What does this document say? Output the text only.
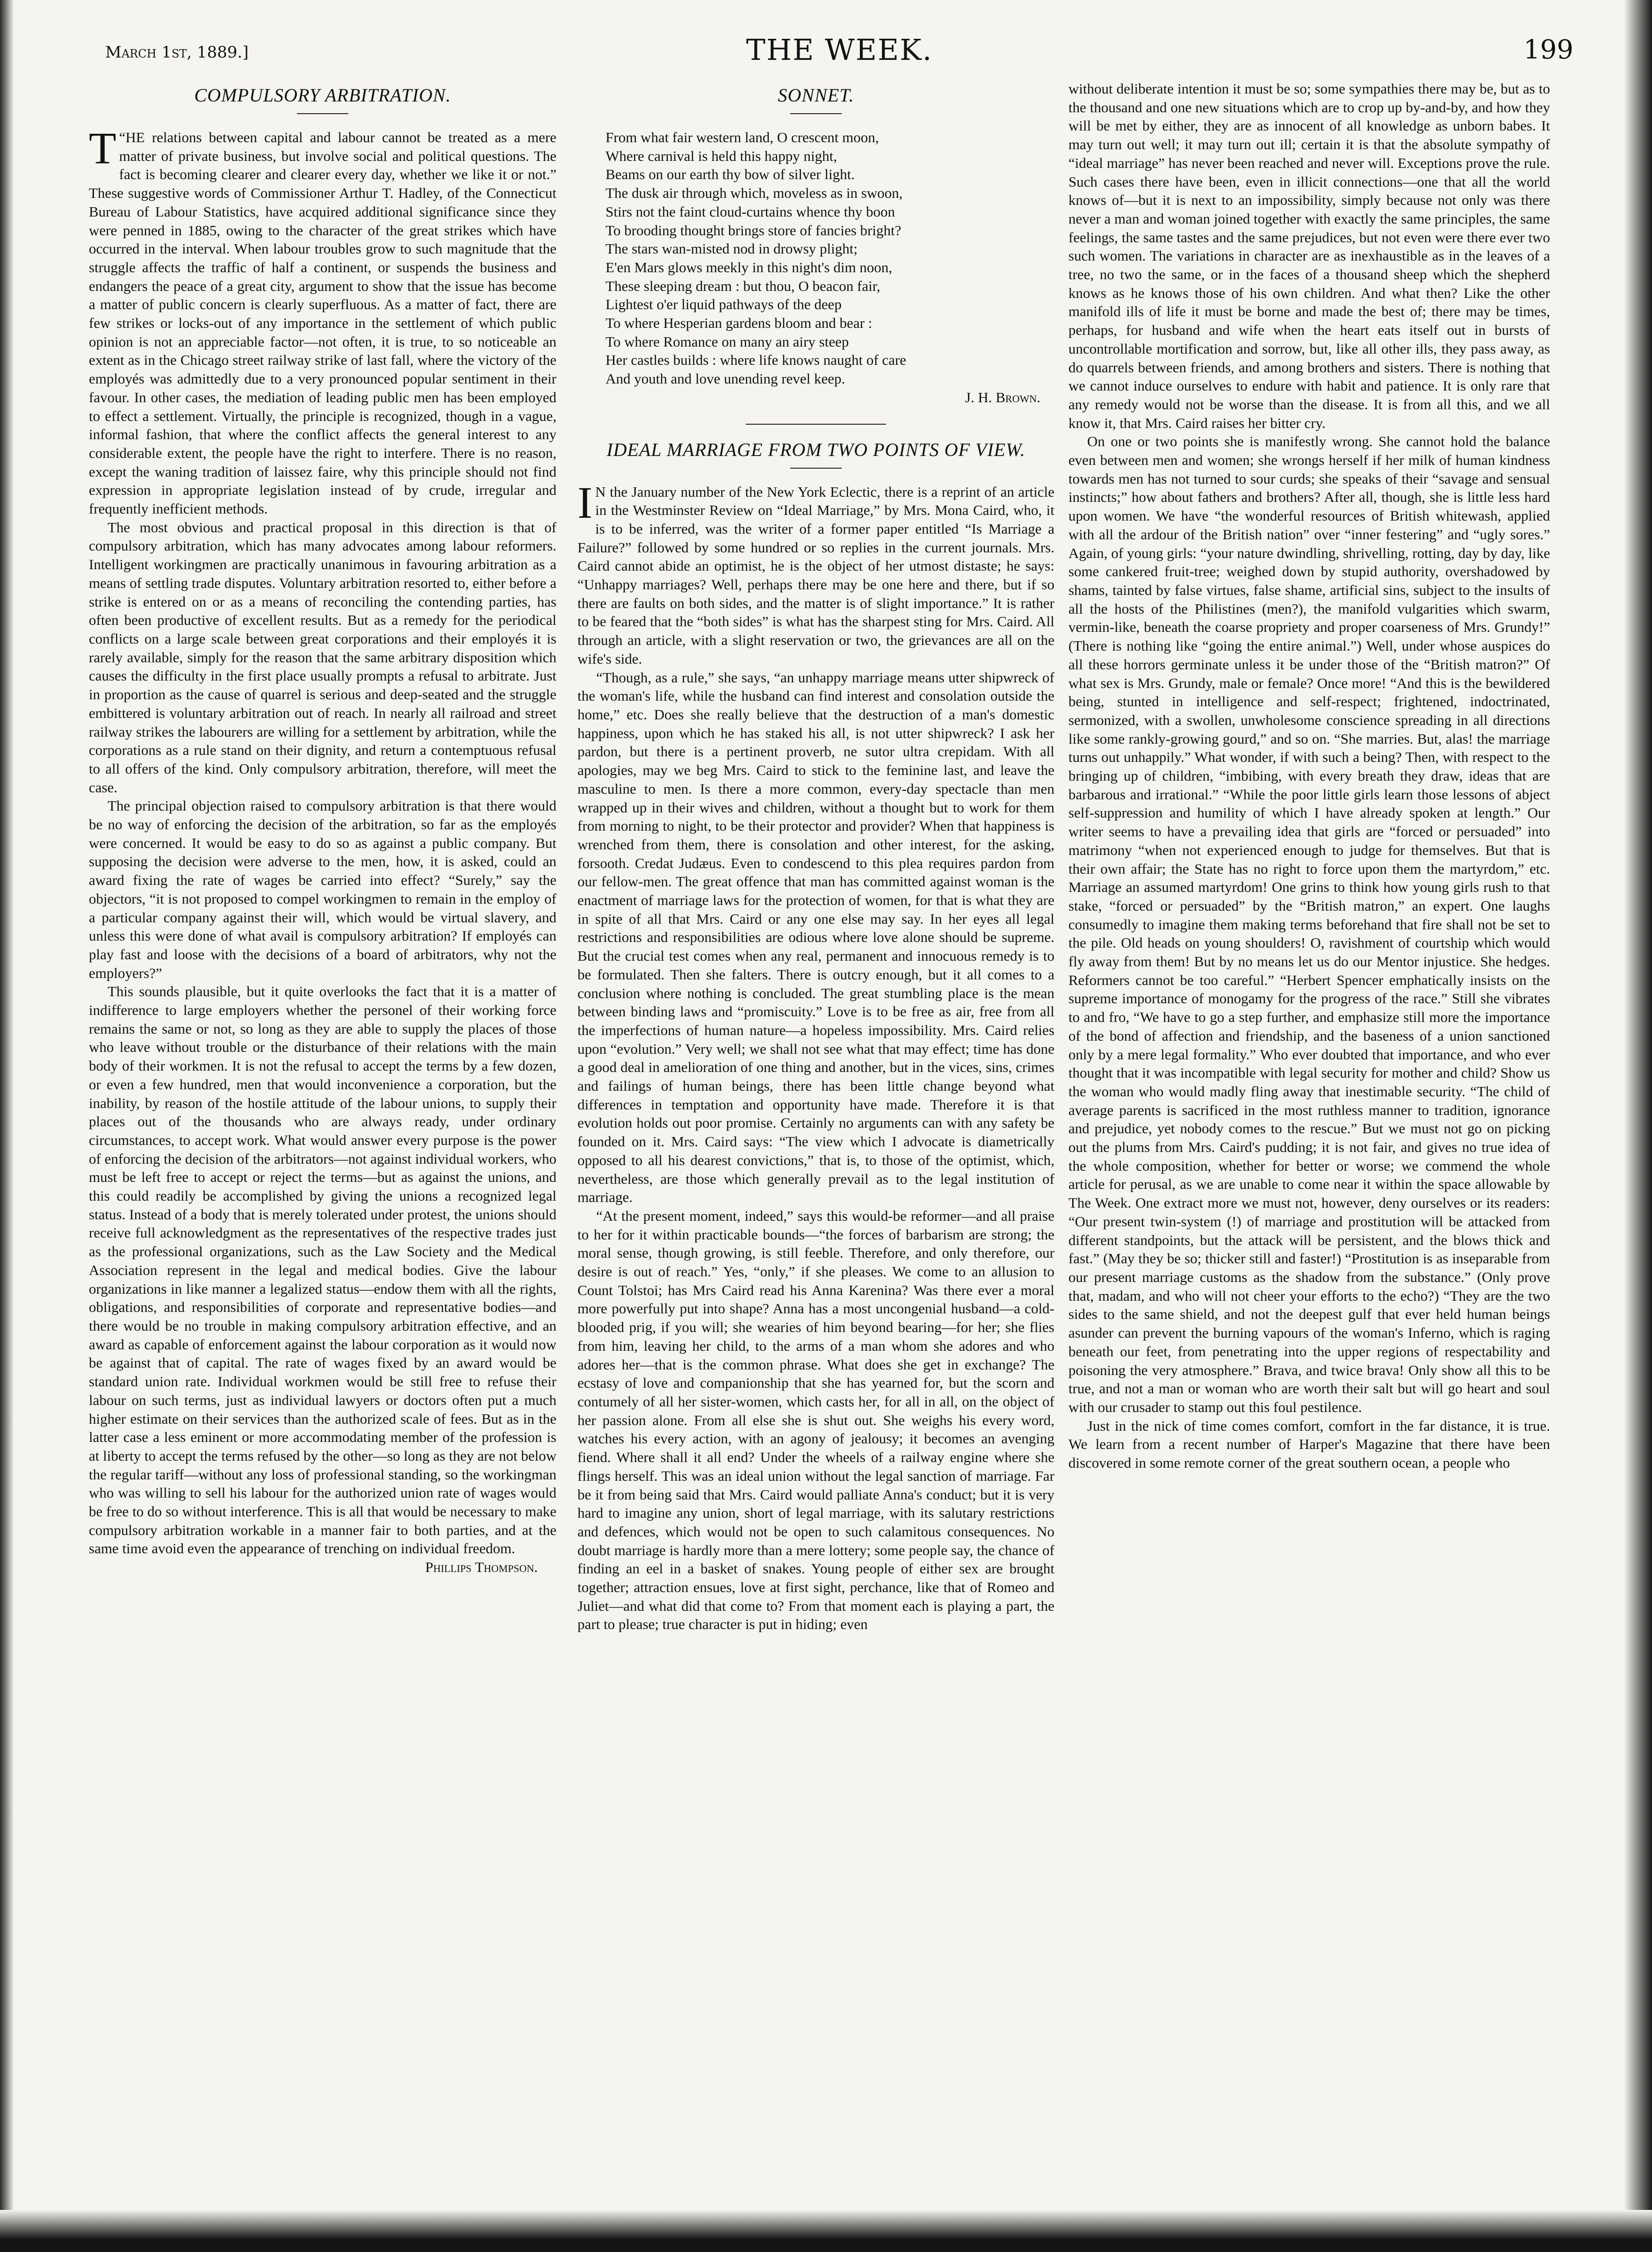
March 1st, 1889.]	THE WEEK.	199
COMPULSORY ARBITRATION.

“
T HE relations between capital and labour cannot be treated as a mere matter of private business, but involve social and political questions. The fact is becoming clearer and clearer every day, whether we like it or not.” These suggestive words of Commissioner Arthur T. Hadley, of the Connecticut Bureau of Labour Statistics, have acquired additional significance since they were penned in 1885, owing to the character of the great strikes which have occurred in the interval. When labour troubles grow to such magnitude that the struggle affects the traffic of half a continent, or suspends the business and endangers the peace of a great city, argument to show that the issue has become a matter of public concern is clearly superfluous. As a matter of fact, there are few strikes or locks-out of any importance in the settlement of which public opinion is not an appreciable factor—not often, it is true, to so noticeable an extent as in the Chicago street railway strike of last fall, where the victory of the employés was admittedly due to a very pronounced popular sentiment in their favour. In other cases, the mediation of leading public men has been employed to effect a settlement. Virtually, the principle is recognized, though in a vague, informal fashion, that where the conflict affects the general interest to any considerable extent, the people have the right to interfere. There is no reason, except the waning tradition of laissez faire, why this principle should not find expression in appropriate legislation instead of by crude, irregular and frequently inefficient methods.

The most obvious and practical proposal in this direction is that of compulsory arbitration, which has many advocates among labour reformers. Intelligent workingmen are practically unanimous in favouring arbitration as a means of settling trade disputes. Voluntary arbitration resorted to, either before a strike is entered on or as a means of reconciling the contending parties, has often been productive of excellent results. But as a remedy for the periodical conflicts on a large scale between great corporations and their employés it is rarely available, simply for the reason that the same arbitrary disposition which causes the difficulty in the first place usually prompts a refusal to arbitrate. Just in proportion as the cause of quarrel is serious and deep-seated and the struggle embittered is voluntary arbitration out of reach. In nearly all railroad and street railway strikes the labourers are willing for a settlement by arbitration, while the corporations as a rule stand on their dignity, and return a contemptuous refusal to all offers of the kind. Only compulsory arbitration, therefore, will meet the case.

The principal objection raised to compulsory arbitration is that there would be no way of enforcing the decision of the arbitration, so far as the employés were concerned. It would be easy to do so as against a public company. But supposing the decision were adverse to the men, how, it is asked, could an award fixing the rate of wages be carried into effect? “Surely,” say the objectors, “it is not proposed to compel workingmen to remain in the employ of a particular company against their will, which would be virtual slavery, and unless this were done of what avail is compulsory arbitration? If employés can play fast and loose with the decisions of a board of arbitrators, why not the employers?”

This sounds plausible, but it quite overlooks the fact that it is a matter of indifference to large employers whether the personel of their working force remains the same or not, so long as they are able to supply the places of those who leave without trouble or the disturbance of their relations with the main body of their workmen. It is not the refusal to accept the terms by a few dozen, or even a few hundred, men that would inconvenience a corporation, but the inability, by reason of the hostile attitude of the labour unions, to supply their places out of the thousands who are always ready, under ordinary circumstances, to accept work. What would answer every purpose is the power of enforcing the decision of the arbitrators—not against individual workers, who must be left free to accept or reject the terms—but as against the unions, and this could readily be accomplished by giving the unions a recognized legal status. Instead of a body that is merely tolerated under protest, the unions should receive full acknowledgment as the representatives of the respective trades just as the professional organizations, such as the Law Society and the Medical Association represent in the legal and medical bodies. Give the labour organizations in like manner a legalized status—endow them with all the rights, obligations, and responsibilities of corporate and representative bodies—and there would be no trouble in making compulsory arbitration effective, and an award as capable of enforcement against the labour corporation as it would now be against that of capital. The rate of wages fixed by an award would be standard union rate. Individual workmen would be still free to refuse their labour on such terms, just as individual lawyers or doctors often put a much higher estimate on their services than the authorized scale of fees. But as in the latter case a less eminent or more accommodating member of the profession is at liberty to accept the terms refused by the other—so long as they are not below the regular tariff—without any loss of professional standing, so the workingman who was willing to sell his labour for the authorized union rate of wages would be free to do so without interference. This is all that would be necessary to make compulsory arbitration workable in a manner fair to both parties, and at the same time avoid even the appearance of trenching on individual freedom.

Phillips Thompson.
SONNET.
From what fair western land, O crescent moon,
Where carnival is held this happy night,
Beams on our earth thy bow of silver light.
The dusk air through which, moveless as in swoon,
Stirs not the faint cloud-curtains whence thy boon
To brooding thought brings store of fancies bright?
The stars wan-misted nod in drowsy plight;
E'en Mars glows meekly in this night's dim noon,
These sleeping dream : but thou, O beacon fair,
Lightest o'er liquid pathways of the deep
To where Hesperian gardens bloom and bear :
To where Romance on many an airy steep
Her castles builds : where life knows naught of care
And youth and love unending revel keep.
J. H. Brown.
IDEAL MARRIAGE FROM TWO POINTS OF VIEW.

I N the January number of the New York Eclectic, there is a reprint of an article in the Westminster Review on “Ideal Marriage,” by Mrs. Mona Caird, who, it is to be inferred, was the writer of a former paper entitled “Is Marriage a Failure?” followed by some hundred or so replies in the current journals. Mrs. Caird cannot abide an optimist, he is the object of her utmost distaste; he says: “Unhappy marriages? Well, perhaps there may be one here and there, but if so there are faults on both sides, and the matter is of slight importance.” It is rather to be feared that the “both sides” is what has the sharpest sting for Mrs. Caird. All through an article, with a slight reservation or two, the grievances are all on the wife's side.

“Though, as a rule,” she says, “an unhappy marriage means utter shipwreck of the woman's life, while the husband can find interest and consolation outside the home,” etc. Does she really believe that the destruction of a man's domestic happiness, upon which he has staked his all, is not utter shipwreck? I ask her pardon, but there is a pertinent proverb, ne sutor ultra crepidam. With all apologies, may we beg Mrs. Caird to stick to the feminine last, and leave the masculine to men. Is there a more common, every-day spectacle than men wrapped up in their wives and children, without a thought but to work for them from morning to night, to be their protector and provider? When that happiness is wrenched from them, there is consolation and other interest, for the asking, forsooth. Credat Judæus. Even to condescend to this plea requires pardon from our fellow-men. The great offence that man has committed against woman is the enactment of marriage laws for the protection of women, for that is what they are in spite of all that Mrs. Caird or any one else may say. In her eyes all legal restrictions and responsibilities are odious where love alone should be supreme. But the crucial test comes when any real, permanent and innocuous remedy is to be formulated. Then she falters. There is outcry enough, but it all comes to a conclusion where nothing is concluded. The great stumbling place is the mean between binding laws and “promiscuity.” Love is to be free as air, free from all the imperfections of human nature—a hopeless impossibility. Mrs. Caird relies upon “evolution.” Very well; we shall not see what that may effect; time has done a good deal in amelioration of one thing and another, but in the vices, sins, crimes and failings of human beings, there has been little change beyond what differences in temptation and opportunity have made. Therefore it is that evolution holds out poor promise. Certainly no arguments can with any safety be founded on it. Mrs. Caird says: “The view which I advocate is diametrically opposed to all his dearest convictions,” that is, to those of the optimist, which, nevertheless, are those which generally prevail as to the legal institution of marriage.

“At the present moment, indeed,” says this would-be reformer—and all praise to her for it within practicable bounds—“the forces of barbarism are strong; the moral sense, though growing, is still feeble. Therefore, and only therefore, our desire is out of reach.” Yes, “only,” if she pleases. We come to an allusion to Count Tolstoi; has Mrs Caird read his Anna Karenina? Was there ever a moral more powerfully put into shape? Anna has a most uncongenial husband—a cold-blooded prig, if you will; she wearies of him beyond bearing—for her; she flies from him, leaving her child, to the arms of a man whom she adores and who adores her—that is the common phrase. What does she get in exchange? The ecstasy of love and companionship that she has yearned for, but the scorn and contumely of all her sister-women, which casts her, for all in all, on the object of her passion alone. From all else she is shut out. She weighs his every word, watches his every action, with an agony of jealousy; it becomes an avenging fiend. Where shall it all end? Under the wheels of a railway engine where she flings herself. This was an ideal union without the legal sanction of marriage. Far be it from being said that Mrs. Caird would palliate Anna's conduct; but it is very hard to imagine any union, short of legal marriage, with its salutary restrictions and defences, which would not be open to such calamitous consequences. No doubt marriage is hardly more than a mere lottery; some people say, the chance of finding an eel in a basket of snakes. Young people of either sex are brought together; attraction ensues, love at first sight, perchance, like that of Romeo and Juliet—and what did that come to? From that moment each is playing a part, the part to please; true character is put in hiding; even

without deliberate intention it must be so; some sympathies there may be, but as to the thousand and one new situations which are to crop up by-and-by, and how they will be met by either, they are as innocent of all knowledge as unborn babes. It may turn out well; it may turn out ill; certain it is that the absolute sympathy of “ideal marriage” has never been reached and never will. Exceptions prove the rule. Such cases there have been, even in illicit connections—one that all the world knows of—but it is next to an impossibility, simply because not only was there never a man and woman joined together with exactly the same principles, the same feelings, the same tastes and the same prejudices, but not even were there ever two such women. The variations in character are as inexhaustible as in the leaves of a tree, no two the same, or in the faces of a thousand sheep which the shepherd knows as he knows those of his own children. And what then? Like the other manifold ills of life it must be borne and made the best of; there may be times, perhaps, for husband and wife when the heart eats itself out in bursts of uncontrollable mortification and sorrow, but, like all other ills, they pass away, as do quarrels between friends, and among brothers and sisters. There is nothing that we cannot induce ourselves to endure with habit and patience. It is only rare that any remedy would not be worse than the disease. It is from all this, and we all know it, that Mrs. Caird raises her bitter cry.

On one or two points she is manifestly wrong. She cannot hold the balance even between men and women; she wrongs herself if her milk of human kindness towards men has not turned to sour curds; she speaks of their “savage and sensual instincts;” how about fathers and brothers? After all, though, she is little less hard upon women. We have “the wonderful resources of British whitewash, applied with all the ardour of the British nation” over “inner festering” and “ugly sores.” Again, of young girls: “your nature dwindling, shrivelling, rotting, day by day, like some cankered fruit-tree; weighed down by stupid authority, overshadowed by shams, tainted by false virtues, false shame, artificial sins, subject to the insults of all the hosts of the Philistines (men?), the manifold vulgarities which swarm, vermin-like, beneath the coarse propriety and proper coarseness of Mrs. Grundy!” (There is nothing like “going the entire animal.”) Well, under whose auspices do all these horrors germinate unless it be under those of the “British matron?” Of what sex is Mrs. Grundy, male or female? Once more! “And this is the bewildered being, stunted in intelligence and self-respect; frightened, indoctrinated, sermonized, with a swollen, unwholesome conscience spreading in all directions like some rankly-growing gourd,” and so on. “She marries. But, alas! the marriage turns out unhappily.” What wonder, if with such a being? Then, with respect to the bringing up of children, “imbibing, with every breath they draw, ideas that are barbarous and irrational.” “While the poor little girls learn those lessons of abject self-suppression and humility of which I have already spoken at length.” Our writer seems to have a prevailing idea that girls are “forced or persuaded” into matrimony “when not experienced enough to judge for themselves. But that is their own affair; the State has no right to force upon them the martyrdom,” etc. Marriage an assumed martyrdom! One grins to think how young girls rush to that stake, “forced or persuaded” by the “British matron,” an expert. One laughs consumedly to imagine them making terms beforehand that fire shall not be set to the pile. Old heads on young shoulders! O, ravishment of courtship which would fly away from them! But by no means let us do our Mentor injustice. She hedges. Reformers cannot be too careful.” “Herbert Spencer emphatically insists on the supreme importance of monogamy for the progress of the race.” Still she vibrates to and fro, “We have to go a step further, and emphasize still more the importance of the bond of affection and friendship, and the baseness of a union sanctioned only by a mere legal formality.” Who ever doubted that importance, and who ever thought that it was incompatible with legal security for mother and child? Show us the woman who would madly fling away that inestimable security. “The child of average parents is sacrificed in the most ruthless manner to tradition, ignorance and prejudice, yet nobody comes to the rescue.” But we must not go on picking out the plums from Mrs. Caird's pudding; it is not fair, and gives no true idea of the whole composition, whether for better or worse; we commend the whole article for perusal, as we are unable to come near it within the space allowable by The Week. One extract more we must not, however, deny ourselves or its readers: “Our present twin-system (!) of marriage and prostitution will be attacked from different standpoints, but the attack will be persistent, and the blows thick and fast.” (May they be so; thicker still and faster!) “Prostitution is as inseparable from our present marriage customs as the shadow from the substance.” (Only prove that, madam, and who will not cheer your efforts to the echo?) “They are the two sides to the same shield, and not the deepest gulf that ever held human beings asunder can prevent the burning vapours of the woman's Inferno, which is raging beneath our feet, from penetrating into the upper regions of respectability and poisoning the very atmosphere.” Brava, and twice brava! Only show all this to be true, and not a man or woman who are worth their salt but will go heart and soul with our crusader to stamp out this foul pestilence.

Just in the nick of time comes comfort, comfort in the far distance, it is true. We learn from a recent number of Harper's Magazine that there have been discovered in some remote corner of the great southern ocean, a people who
